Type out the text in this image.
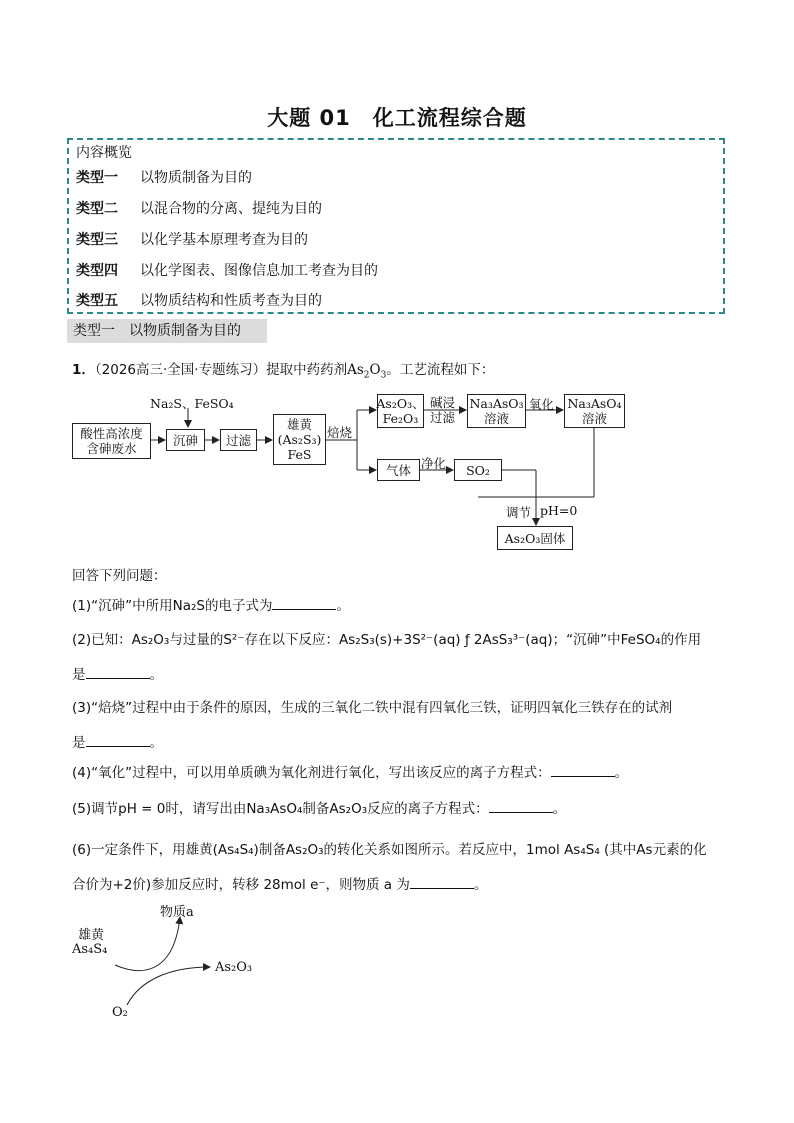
大题 01　化工流程综合题
内容概览
类型一 以物质制备为目的
类型二 以混合物的分离、提纯为目的
类型三 以化学基本原理考查为目的
类型四 以化学图表、图像信息加工考查为目的
类型五 以物质结构和性质考查为目的
类型一　以物质制备为目的
1．（2026高三·全国·专题练习）提取中药药剂$As_2O_3$。工艺流程如下：
酸性高浓度
含砷废水
Na₂S、FeSO₄
沉砷	过滤
雄黄
(As₂S₃)
FeS
焙烧
As₂O₃、
Fe₂O₃
碱浸
过滤
Na₃AsO₃
溶液
氧化 Na₃AsO₄
溶液
气体 净化	SO₂
调节 pH=0
As₂O₃固体
回答下列问题：
(1)“沉砷”中所用Na₂S的电子式为	。
(2)已知：As₂O₃与过量的S²⁻存在以下反应：As₂S₃(s)+3S²⁻(aq) ƒ 2AsS₃³⁻(aq)；“沉砷”中FeSO₄的作用
是	。
(3)“焙烧”过程中由于条件的原因，生成的三氧化二铁中混有四氧化三铁，证明四氧化三铁存在的试剂
是	。
(4)“氧化”过程中，可以用单质碘为氧化剂进行氧化，写出该反应的离子方程式：	。
(5)调节pH = 0时，请写出由Na₃AsO₄制备As₂O₃反应的离子方程式：	。
(6)一定条件下，用雄黄(As₄S₄)制备As₂O₃的转化关系如图所示。若反应中，1mol As₄S₄ (其中As元素的化
合价为+2价)参加反应时，转移 28mol e⁻，则物质 a 为	。
雄黄
As₄S₄
物质a
As₂O₃
O₂
